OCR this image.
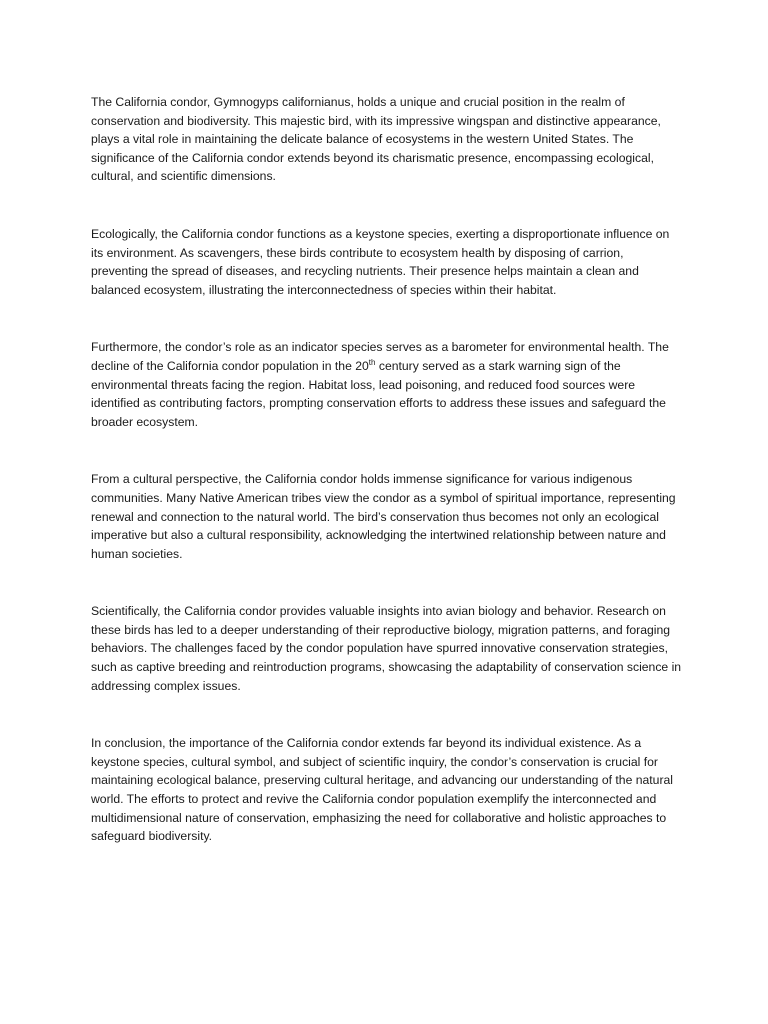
The California condor, Gymnogyps californianus, holds a unique and crucial position in the realm of conservation and biodiversity. This majestic bird, with its impressive wingspan and distinctive appearance, plays a vital role in maintaining the delicate balance of ecosystems in the western United States. The significance of the California condor extends beyond its charismatic presence, encompassing ecological, cultural, and scientific dimensions.

Ecologically, the California condor functions as a keystone species, exerting a disproportionate influence on its environment. As scavengers, these birds contribute to ecosystem health by disposing of carrion, preventing the spread of diseases, and recycling nutrients. Their presence helps maintain a clean and balanced ecosystem, illustrating the interconnectedness of species within their habitat.

Furthermore, the condor’s role as an indicator species serves as a barometer for environmental health. The decline of the California condor population in the 20th century served as a stark warning sign of the environmental threats facing the region. Habitat loss, lead poisoning, and reduced food sources were identified as contributing factors, prompting conservation efforts to address these issues and safeguard the broader ecosystem.

From a cultural perspective, the California condor holds immense significance for various indigenous communities. Many Native American tribes view the condor as a symbol of spiritual importance, representing renewal and connection to the natural world. The bird’s conservation thus becomes not only an ecological imperative but also a cultural responsibility, acknowledging the intertwined relationship between nature and human societies.

Scientifically, the California condor provides valuable insights into avian biology and behavior. Research on these birds has led to a deeper understanding of their reproductive biology, migration patterns, and foraging behaviors. The challenges faced by the condor population have spurred innovative conservation strategies, such as captive breeding and reintroduction programs, showcasing the adaptability of conservation science in addressing complex issues.

In conclusion, the importance of the California condor extends far beyond its individual existence. As a keystone species, cultural symbol, and subject of scientific inquiry, the condor’s conservation is crucial for maintaining ecological balance, preserving cultural heritage, and advancing our understanding of the natural world. The efforts to protect and revive the California condor population exemplify the interconnected and multidimensional nature of conservation, emphasizing the need for collaborative and holistic approaches to safeguard biodiversity.
